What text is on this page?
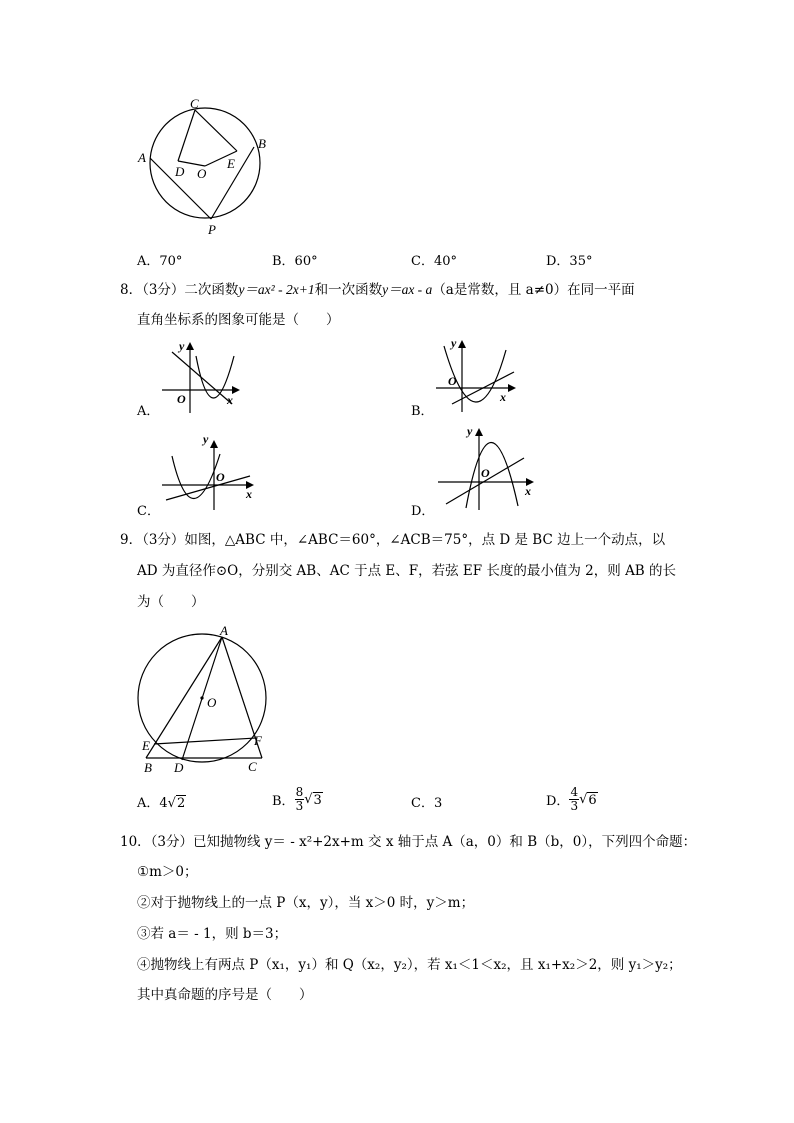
C
B
A
D O
E
P
A．70°	B．60°	C．40°	D．35°
8．（3分）二次函数y＝ax² - 2x+1和一次函数y＝ax - a（a是常数，且 a≠0）在同一平面
直角坐标系的图象可能是（　　）
y
O	x
A．
y
O
x
B．
y
O
x
C．
y
O
x
D．
9．（3分）如图，△ABC 中，∠ABC＝60°，∠ACB＝75°，点 D 是 BC 边上一个动点，以
AD 为直径作⊙O，分别交 AB、AC 于点 E、F，若弦 EF 长度的最小值为 2，则 AB 的长
为（　　）
A
O
E	F
B D	C
A．4√2	B． $\frac{8}{3} √3$	C．3	D． $\frac{4}{3} √6$
10．（3分）已知抛物线 y＝ - x²+2x+m 交 x 轴于点 A（a，0）和 B（b，0），下列四个命题：
①m＞0；
②对于抛物线上的一点 P（x，y），当 x＞0 时，y＞m；
③若 a＝ - 1，则 b＝3；
④抛物线上有两点 P（x₁，y₁）和 Q（x₂，y₂），若 x₁＜1＜x₂，且 x₁+x₂＞2，则 y₁＞y₂；
其中真命题的序号是（　　）
